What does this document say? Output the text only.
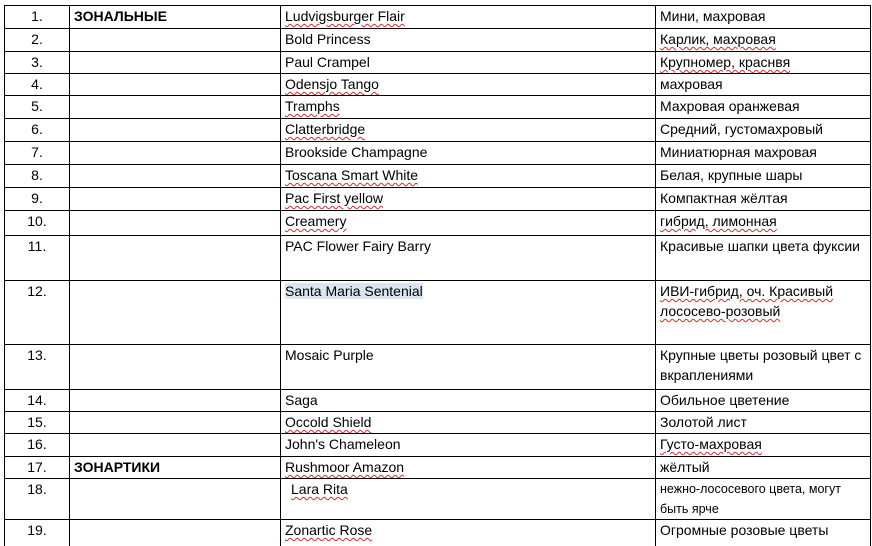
1.	ЗОНАЛЬНЫЕ	Ludvigsburger Flair	Мини, махровая
2.		Bold Princess	Карлик, махровая
3.		Paul Crampel	Крупномер, краснвя
4.		Odensjo Tango	махровая
5.		Tramphs	Махровая оранжевая
6.		Clatterbridge	Средний, густомахровый
7.		Brookside Champagne	Миниатюрная махровая
8.		Toscana Smart White	Белая, крупные шары
9.		Pac First yellow	Компактная жёлтая
10.		Creamery	гибрид, лимонная
11.		PAC Flower Fairy Barry	Красивые шапки цвета фуксии
12.		Santa Maria Sentenial	ИВИ-гибрид, оч. Красивый лососево-розовый
13.		Mosaic Purple	Крупные цветы розовый цвет с вкраплениями
14.		Saga	Обильное цветение
15.		Occold Shield	Золотой лист
16.		John's Chameleon	Густо-махровая
17.	ЗОНАРТИКИ	Rushmoor Amazon	жёлтый
18.		Lara Rita	нежно-лососевого цвета, могут быть ярче
19.		Zonartic Rose	Огромные розовые цветы
